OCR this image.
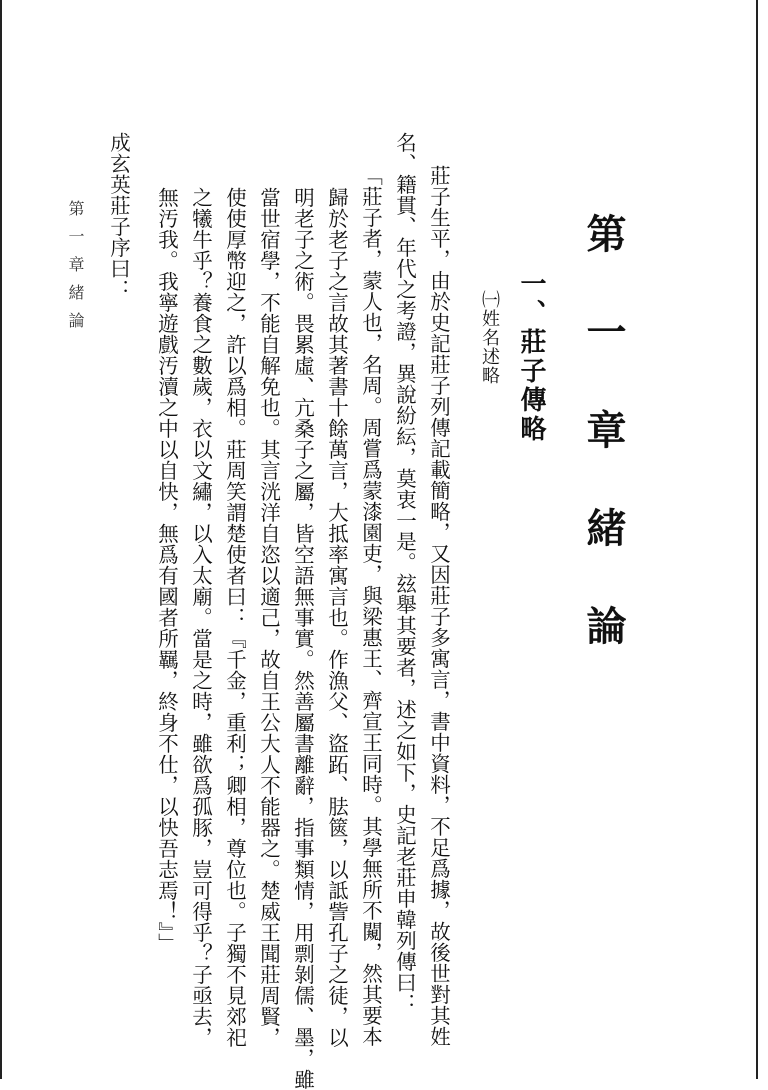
第一章緒論
一、莊子傳略
㈠姓名述略
莊子生平，由於史記莊子列傳記載簡略，又因莊子多寓言，書中資料，不足爲據，故後世對其姓
名、籍貫、年代之考證，異說紛紜，莫衷一是。玆舉其要者，述之如下，史記老莊申韓列傳曰：
「莊子者，蒙人也，名周。周嘗爲蒙漆園吏，與梁惠王、齊宣王同時。其學無所不闚，然其要本
歸於老子之言故其著書十餘萬言，大抵率寓言也。作漁父、盜跖、胠篋，以詆訾孔子之徒，以
明老子之術。畏累虛、亢桑子之屬，皆空語無事實。然善屬書離辭，指事類情，用剽剝儒、墨，雖
當世宿學，不能自解免也。其言洸洋自恣以適己，故自王公大人不能器之。楚威王聞莊周賢，
使使厚幣迎之，許以爲相。莊周笑謂楚使者曰：『千金，重利；卿相，尊位也。子獨不見郊祀
之犧牛乎？養食之數歲，衣以文繡，以入太廟。當是之時，雖欲爲孤豚，豈可得乎？子亟去，
無汚我。我寧遊戲汚瀆之中以自快，無爲有國者所羈，終身不仕，以快吾志焉！』」
成玄英莊子序曰：
第一章緒論
